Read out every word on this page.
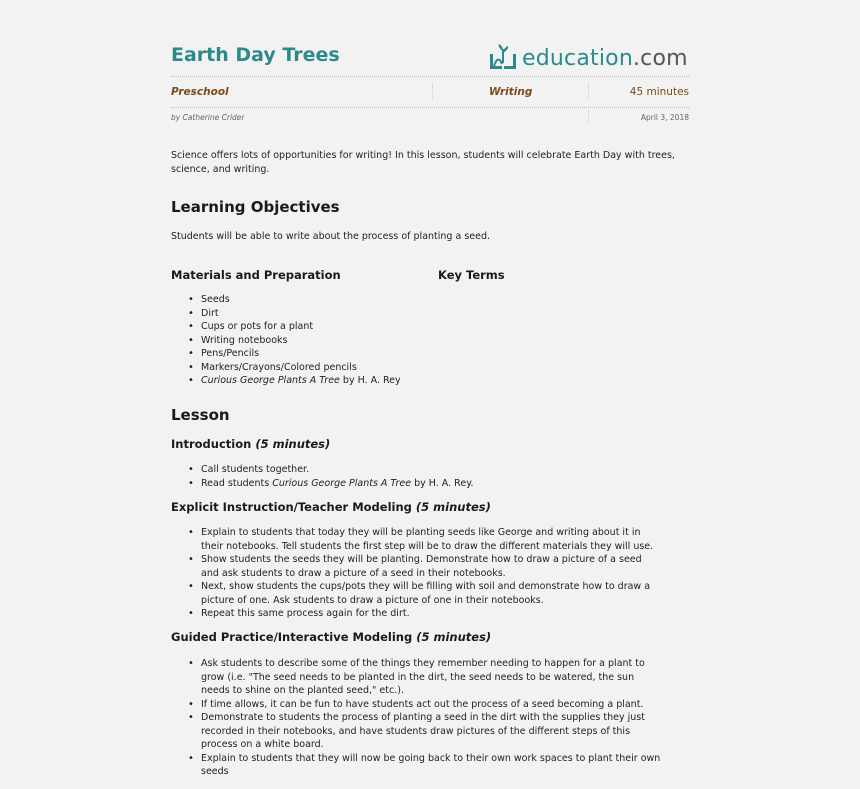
Earth Day Trees	education.com
Preschool	Writing	45 minutes
by Catherine Crider	April 3, 2018
Science offers lots of opportunities for writing! In this lesson, students will celebrate Earth Day with trees, science, and writing.
Learning Objectives
Students will be able to write about the process of planting a seed.
Materials and Preparation	Key Terms
• Seeds
• Dirt
• Cups or pots for a plant
• Writing notebooks
• Pens/Pencils
• Markers/Crayons/Colored pencils
• Curious George Plants A Tree by H. A. Rey
Lesson
Introduction (5 minutes)
• Call students together.
• Read students Curious George Plants A Tree by H. A. Rey.
Explicit Instruction/Teacher Modeling (5 minutes)
• Explain to students that today they will be planting seeds like George and writing about it in their notebooks. Tell students the first step will be to draw the different materials they will use.
• Show students the seeds they will be planting. Demonstrate how to draw a picture of a seed and ask students to draw a picture of a seed in their notebooks.
• Next, show students the cups/pots they will be filling with soil and demonstrate how to draw a picture of one. Ask students to draw a picture of one in their notebooks.
• Repeat this same process again for the dirt.
Guided Practice/Interactive Modeling (5 minutes)
• Ask students to describe some of the things they remember needing to happen for a plant to grow (i.e. "The seed needs to be planted in the dirt, the seed needs to be watered, the sun needs to shine on the planted seed," etc.).
• If time allows, it can be fun to have students act out the process of a seed becoming a plant.
• Demonstrate to students the process of planting a seed in the dirt with the supplies they just recorded in their notebooks, and have students draw pictures of the different steps of this process on a white board.
• Explain to students that they will now be going back to their own work spaces to plant their own seeds
